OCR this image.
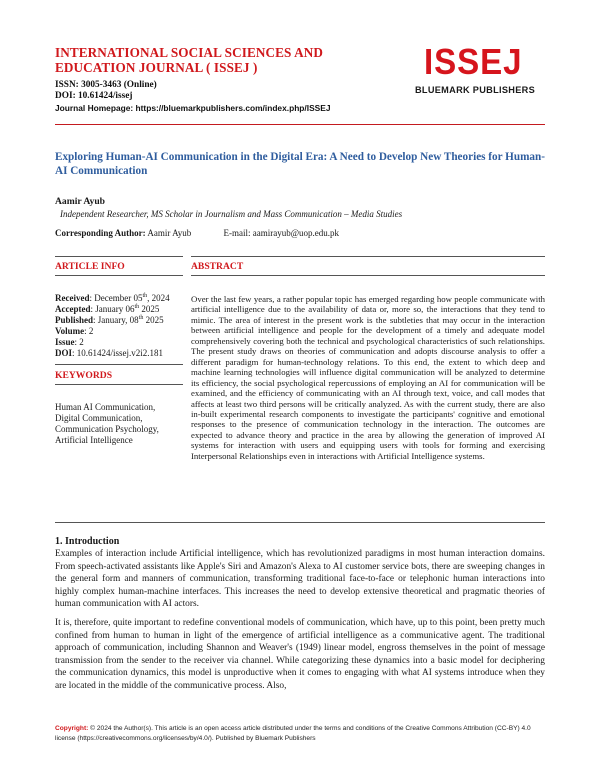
INTERNATIONAL SOCIAL SCIENCES AND EDUCATION JOURNAL ( ISSEJ )
ISSN: 3005-3463 (Online)
DOI: 10.61424/issej
Journal Homepage: https://bluemarkpublishers.com/index.php/ISSEJ
ISSEJ
BLUEMARK PUBLISHERS
Exploring Human-AI Communication in the Digital Era: A Need to Develop New Theories for Human-AI Communication
Aamir Ayub
Independent Researcher, MS Scholar in Journalism and Mass Communication – Media Studies
Corresponding Author: Aamir Ayub	E-mail: aamirayub@uop.edu.pk
ARTICLE INFO	ABSTRACT
Received: December 05th, 2024
Accepted: January 06th 2025
Published: January, 08th 2025
Volume: 2
Issue: 2
DOI: 10.61424/issej.v2i2.181
KEYWORDS
Human AI Communication,
Digital Communication,
Communication Psychology,
Artificial Intelligence
Over the last few years, a rather popular topic has emerged regarding how people communicate with artificial intelligence due to the availability of data or, more so, the interactions that they tend to mimic. The area of interest in the present work is the subtleties that may occur in the interaction between artificial intelligence and people for the development of a timely and adequate model comprehensively covering both the technical and psychological characteristics of such relationships. The present study draws on theories of communication and adopts discourse analysis to offer a different paradigm for human-technology relations. To this end, the extent to which deep and machine learning technologies will influence digital communication will be analyzed to determine its efficiency, the social psychological repercussions of employing an AI for communication will be examined, and the efficiency of communicating with an AI through text, voice, and call modes that affects at least two third persons will be critically analyzed. As with the current study, there are also in-built experimental research components to investigate the participants' cognitive and emotional responses to the presence of communication technology in the interaction. The outcomes are expected to advance theory and practice in the area by allowing the generation of improved AI systems for interaction with users and equipping users with tools for forming and exercising Interpersonal Relationships even in interactions with Artificial Intelligence systems.
1. Introduction
Examples of interaction include Artificial intelligence, which has revolutionized paradigms in most human interaction domains. From speech-activated assistants like Apple's Siri and Amazon's Alexa to AI customer service bots, there are sweeping changes in the general form and manners of communication, transforming traditional face-to-face or telephonic human interactions into highly complex human-machine interfaces. This increases the need to develop extensive theoretical and pragmatic theories of human communication with AI actors.
It is, therefore, quite important to redefine conventional models of communication, which have, up to this point, been pretty much confined from human to human in light of the emergence of artificial intelligence as a communicative agent. The traditional approach of communication, including Shannon and Weaver's (1949) linear model, engross themselves in the point of message transmission from the sender to the receiver via channel. While categorizing these dynamics into a basic model for deciphering the communication dynamics, this model is unproductive when it comes to engaging with what AI systems introduce when they are located in the middle of the communicative process. Also,
Copyright: © 2024 the Author(s). This article is an open access article distributed under the terms and conditions of the Creative Commons Attribution (CC-BY) 4.0 license (https://creativecommons.org/licenses/by/4.0/). Published by Bluemark Publishers
